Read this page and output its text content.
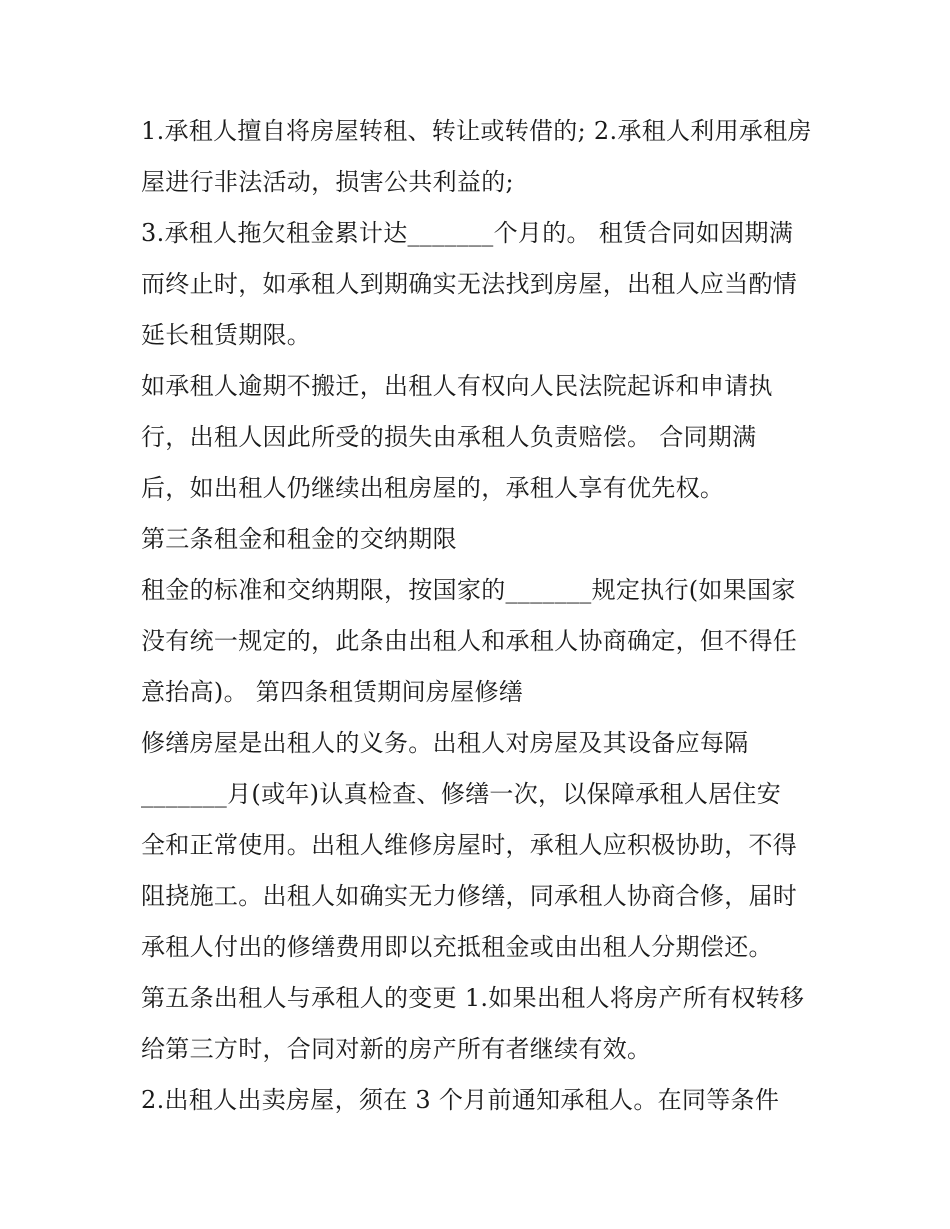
1.承租人擅自将房屋转租、转让或转借的; 2.承租人利用承租房
屋进行非法活动，损害公共利益的;
3.承租人拖欠租金累计达_______个月的。 租赁合同如因期满
而终止时，如承租人到期确实无法找到房屋，出租人应当酌情
延长租赁期限。
如承租人逾期不搬迁，出租人有权向人民法院起诉和申请执
行，出租人因此所受的损失由承租人负责赔偿。 合同期满
后，如出租人仍继续出租房屋的，承租人享有优先权。
第三条租金和租金的交纳期限
租金的标准和交纳期限，按国家的_______规定执行(如果国家
没有统一规定的，此条由出租人和承租人协商确定，但不得任
意抬高)。 第四条租赁期间房屋修缮
修缮房屋是出租人的义务。出租人对房屋及其设备应每隔
_______月(或年)认真检查、修缮一次，以保障承租人居住安
全和正常使用。出租人维修房屋时，承租人应积极协助，不得
阻挠施工。出租人如确实无力修缮，同承租人协商合修，届时
承租人付出的修缮费用即以充抵租金或由出租人分期偿还。
第五条出租人与承租人的变更 1.如果出租人将房产所有权转移
给第三方时，合同对新的房产所有者继续有效。
2.出租人出卖房屋，须在 3 个月前通知承租人。在同等条件
